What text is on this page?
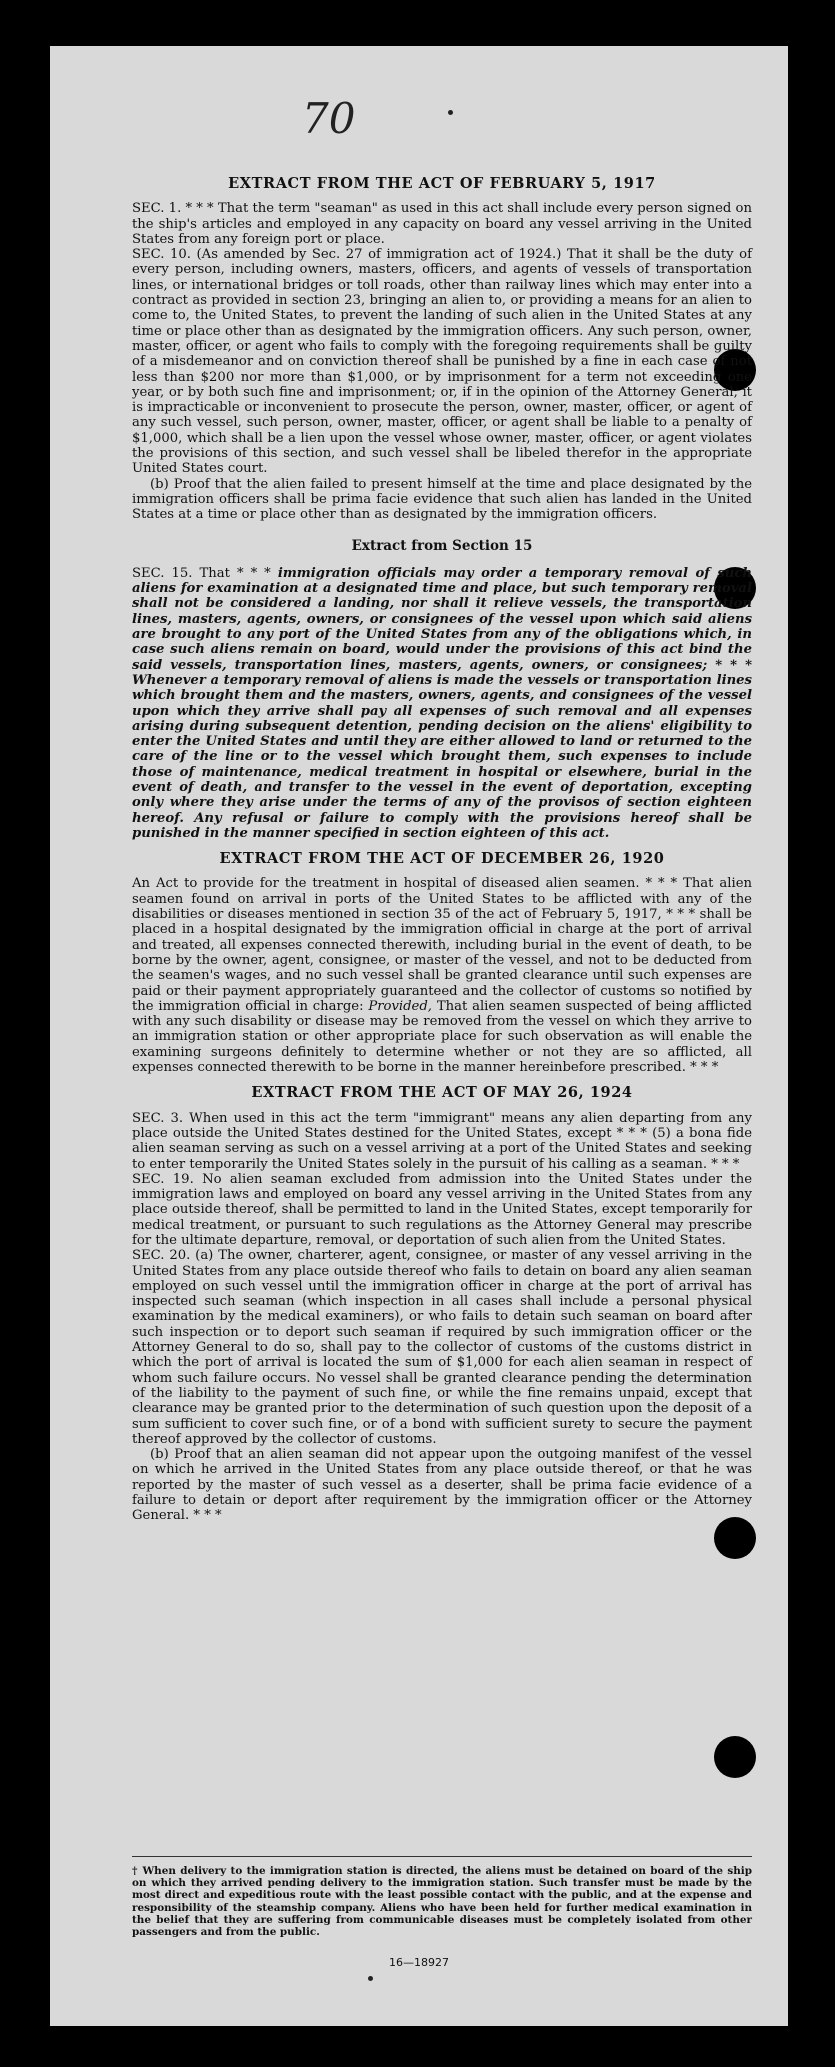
70
EXTRACT FROM THE ACT OF FEBRUARY 5, 1917

SEC. 1. * * * That the term "seaman" as used in this act shall include every person signed on the ship's articles and employed in any capacity on board any vessel arriving in the United States from any foreign port or place.

SEC. 10. (As amended by Sec. 27 of immigration act of 1924.) That it shall be the duty of every person, including owners, masters, officers, and agents of vessels of transportation lines, or international bridges or toll roads, other than railway lines which may enter into a contract as provided in section 23, bringing an alien to, or providing a means for an alien to come to, the United States, to prevent the landing of such alien in the United States at any time or place other than as designated by the immigration officers. Any such person, owner, master, officer, or agent who fails to comply with the foregoing requirements shall be guilty of a misdemeanor and on conviction thereof shall be punished by a fine in each case of not less than $200 nor more than $1,000, or by imprisonment for a term not exceeding one year, or by both such fine and imprisonment; or, if in the opinion of the Attorney General, it is impracticable or inconvenient to prosecute the person, owner, master, officer, or agent of any such vessel, such person, owner, master, officer, or agent shall be liable to a penalty of $1,000, which shall be a lien upon the vessel whose owner, master, officer, or agent violates the provisions of this section, and such vessel shall be libeled therefor in the appropriate United States court.

(b) Proof that the alien failed to present himself at the time and place designated by the immigration officers shall be prima facie evidence that such alien has landed in the United States at a time or place other than as designated by the immigration officers.

Extract from Section 15

SEC. 15. That * * * immigration officials may order a temporary removal of such aliens for examination at a designated time and place, but such temporary removal shall not be considered a landing, nor shall it relieve vessels, the transportation lines, masters, agents, owners, or consignees of the vessel upon which said aliens are brought to any port of the United States from any of the obligations which, in case such aliens remain on board, would under the provisions of this act bind the said vessels, transportation lines, masters, agents, owners, or consignees; * * * Whenever a temporary removal of aliens is made the vessels or transportation lines which brought them and the masters, owners, agents, and consignees of the vessel upon which they arrive shall pay all expenses of such removal and all expenses arising during subsequent detention, pending decision on the aliens' eligibility to enter the United States and until they are either allowed to land or returned to the care of the line or to the vessel which brought them, such expenses to include those of maintenance, medical treatment in hospital or elsewhere, burial in the event of death, and transfer to the vessel in the event of deportation, excepting only where they arise under the terms of any of the provisos of section eighteen hereof. Any refusal or failure to comply with the provisions hereof shall be punished in the manner specified in section eighteen of this act.

EXTRACT FROM THE ACT OF DECEMBER 26, 1920

An Act to provide for the treatment in hospital of diseased alien seamen. * * * That alien seamen found on arrival in ports of the United States to be afflicted with any of the disabilities or diseases mentioned in section 35 of the act of February 5, 1917, * * * shall be placed in a hospital designated by the immigration official in charge at the port of arrival and treated, all expenses connected therewith, including burial in the event of death, to be borne by the owner, agent, consignee, or master of the vessel, and not to be deducted from the seamen's wages, and no such vessel shall be granted clearance until such expenses are paid or their payment appropriately guaranteed and the collector of customs so notified by the immigration official in charge: Provided, That alien seamen suspected of being afflicted with any such disability or disease may be removed from the vessel on which they arrive to an immigration station or other appropriate place for such observation as will enable the examining surgeons definitely to determine whether or not they are so afflicted, all expenses connected therewith to be borne in the manner hereinbefore prescribed. * * *

EXTRACT FROM THE ACT OF MAY 26, 1924

SEC. 3. When used in this act the term "immigrant" means any alien departing from any place outside the United States destined for the United States, except * * * (5) a bona fide alien seaman serving as such on a vessel arriving at a port of the United States and seeking to enter temporarily the United States solely in the pursuit of his calling as a seaman. * * *

SEC. 19. No alien seaman excluded from admission into the United States under the immigration laws and employed on board any vessel arriving in the United States from any place outside thereof, shall be permitted to land in the United States, except temporarily for medical treatment, or pursuant to such regulations as the Attorney General may prescribe for the ultimate departure, removal, or deportation of such alien from the United States.

SEC. 20. (a) The owner, charterer, agent, consignee, or master of any vessel arriving in the United States from any place outside thereof who fails to detain on board any alien seaman employed on such vessel until the immigration officer in charge at the port of arrival has inspected such seaman (which inspection in all cases shall include a personal physical examination by the medical examiners), or who fails to detain such seaman on board after such inspection or to deport such seaman if required by such immigration officer or the Attorney General to do so, shall pay to the collector of customs of the customs district in which the port of arrival is located the sum of $1,000 for each alien seaman in respect of whom such failure occurs. No vessel shall be granted clearance pending the determination of the liability to the payment of such fine, or while the fine remains unpaid, except that clearance may be granted prior to the determination of such question upon the deposit of a sum sufficient to cover such fine, or of a bond with sufficient surety to secure the payment thereof approved by the collector of customs.

(b) Proof that an alien seaman did not appear upon the outgoing manifest of the vessel on which he arrived in the United States from any place outside thereof, or that he was reported by the master of such vessel as a deserter, shall be prima facie evidence of a failure to detain or deport after requirement by the immigration officer or the Attorney General. * * *

† When delivery to the immigration station is directed, the aliens must be detained on board of the ship on which they arrived pending delivery to the immigration station. Such transfer must be made by the most direct and expeditious route with the least possible contact with the public, and at the expense and responsibility of the steamship company. Aliens who have been held for further medical examination in the belief that they are suffering from communicable diseases must be completely isolated from other passengers and from the public.
16—18927
